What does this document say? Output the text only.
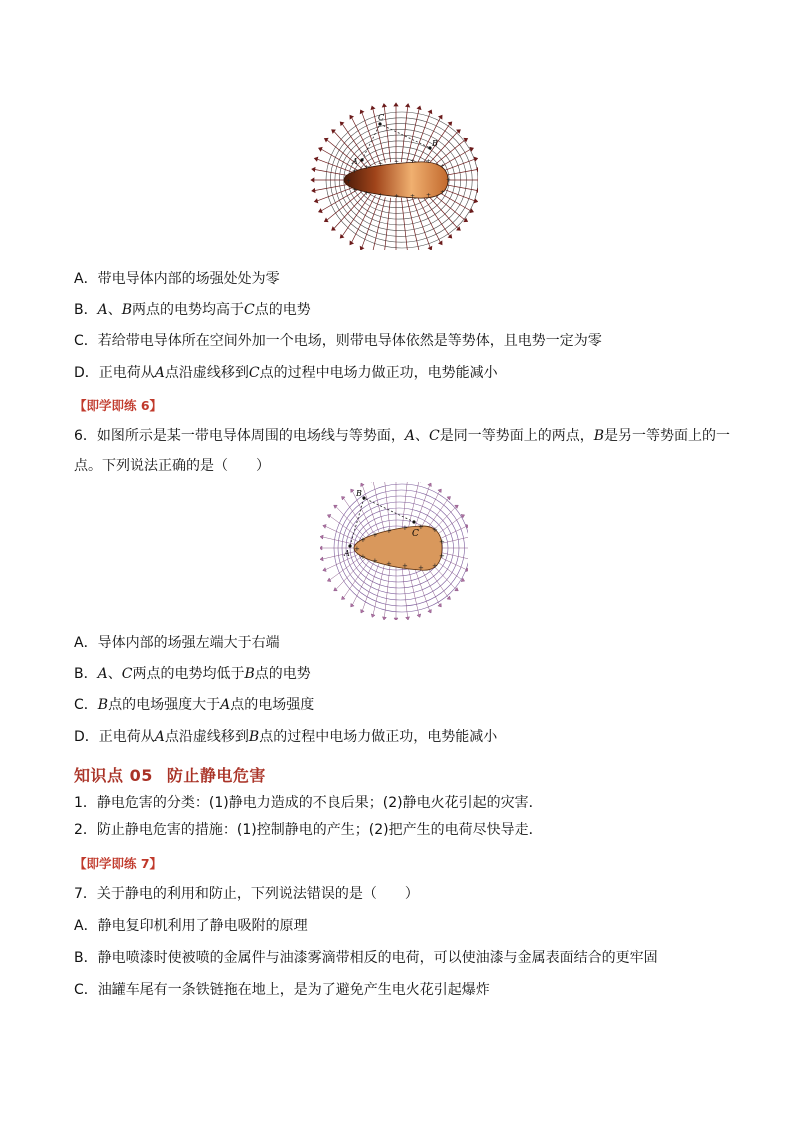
+
+
+
+
+
+
+
+
+
+
+
+
+
+
+
+
A
C
B
A．带电导体内部的场强处处为零
B．A、B两点的电势均高于C点的电势
C．若给带电导体所在空间外加一个电场，则带电导体依然是等势体，且电势一定为零
D．正电荷从A点沿虚线移到C点的过程中电场力做正功，电势能减小
【即学即练 6】
6．如图所示是某一带电导体周围的电场线与等势面，A、C是同一等势面上的两点，B是另一等势面上的一
点。下列说法正确的是（　　）
+
+
+
+
+
+
+
+
+
+
+
+
+
+
+
A
B
C
A．导体内部的场强左端大于右端
B．A、C两点的电势均低于B点的电势
C．B点的电场强度大于A点的电场强度
D．正电荷从A点沿虚线移到B点的过程中电场力做正功，电势能减小
知识点 05 防止静电危害
1．静电危害的分类：(1)静电力造成的不良后果；(2)静电火花引起的灾害．
2．防止静电危害的措施：(1)控制静电的产生；(2)把产生的电荷尽快导走．
【即学即练 7】
7．关于静电的利用和防止，下列说法错误的是（　　）
A．静电复印机利用了静电吸附的原理
B．静电喷漆时使被喷的金属件与油漆雾滴带相反的电荷，可以使油漆与金属表面结合的更牢固
C．油罐车尾有一条铁链拖在地上，是为了避免产生电火花引起爆炸
